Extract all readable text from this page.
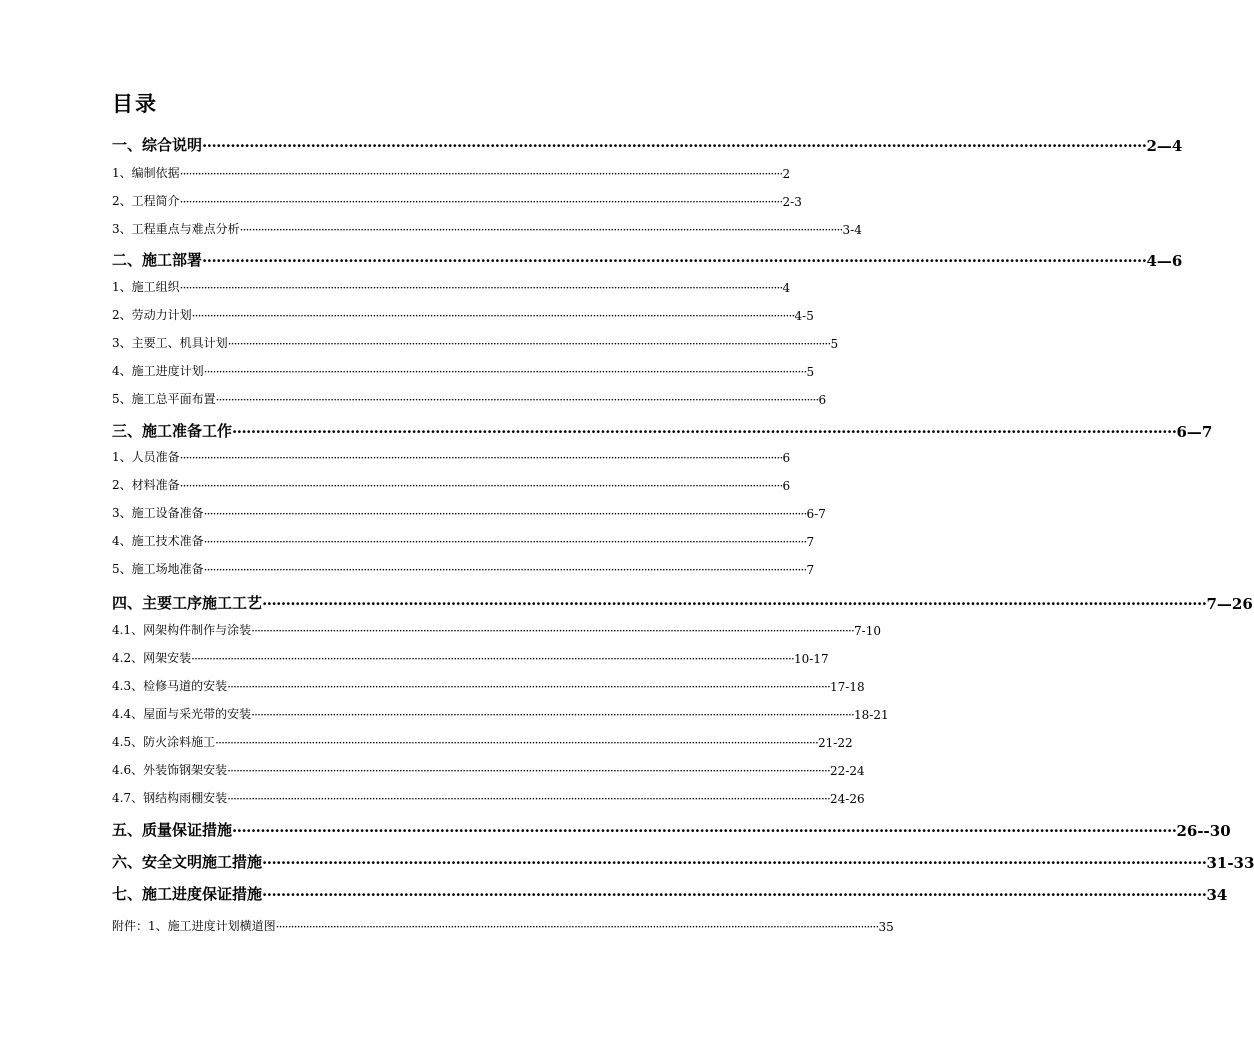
目录
一、综合说明 ········································································································································································································ 2—4
1、编制依据 ········································································································································································································ 2
2、工程简介 ········································································································································································································ 2-3
3、工程重点与难点分析 ········································································································································································································ 3-4
二、施工部署 ········································································································································································································ 4—6
1、施工组织 ········································································································································································································ 4
2、劳动力计划 ········································································································································································································ 4-5
3、主要工、机具计划 ········································································································································································································ 5
4、施工进度计划 ········································································································································································································ 5
5、施工总平面布置 ········································································································································································································ 6
三、施工准备工作 ········································································································································································································ 6—7
1、人员准备 ········································································································································································································ 6
2、材料准备 ········································································································································································································ 6
3、施工设备准备 ········································································································································································································ 6-7
4、施工技术准备 ········································································································································································································ 7
5、施工场地准备 ········································································································································································································ 7
四、主要工序施工工艺 ········································································································································································································ 7—26
4.1、网架构件制作与涂装 ········································································································································································································ 7-10
4.2、网架安装 ········································································································································································································ 10-17
4.3、检修马道的安装 ········································································································································································································ 17-18
4.4、屋面与采光带的安装 ········································································································································································································ 18-21
4.5、防火涂料施工 ········································································································································································································ 21-22
4.6、外装饰钢架安装 ········································································································································································································ 22-24
4.7、钢结构雨棚安装 ········································································································································································································ 24-26
五、质量保证措施 ········································································································································································································ 26--30
六、安全文明施工措施 ········································································································································································································ 31-33
七、施工进度保证措施 ········································································································································································································ 34
附件：1、施工进度计划横道图 ········································································································································································································ 35
